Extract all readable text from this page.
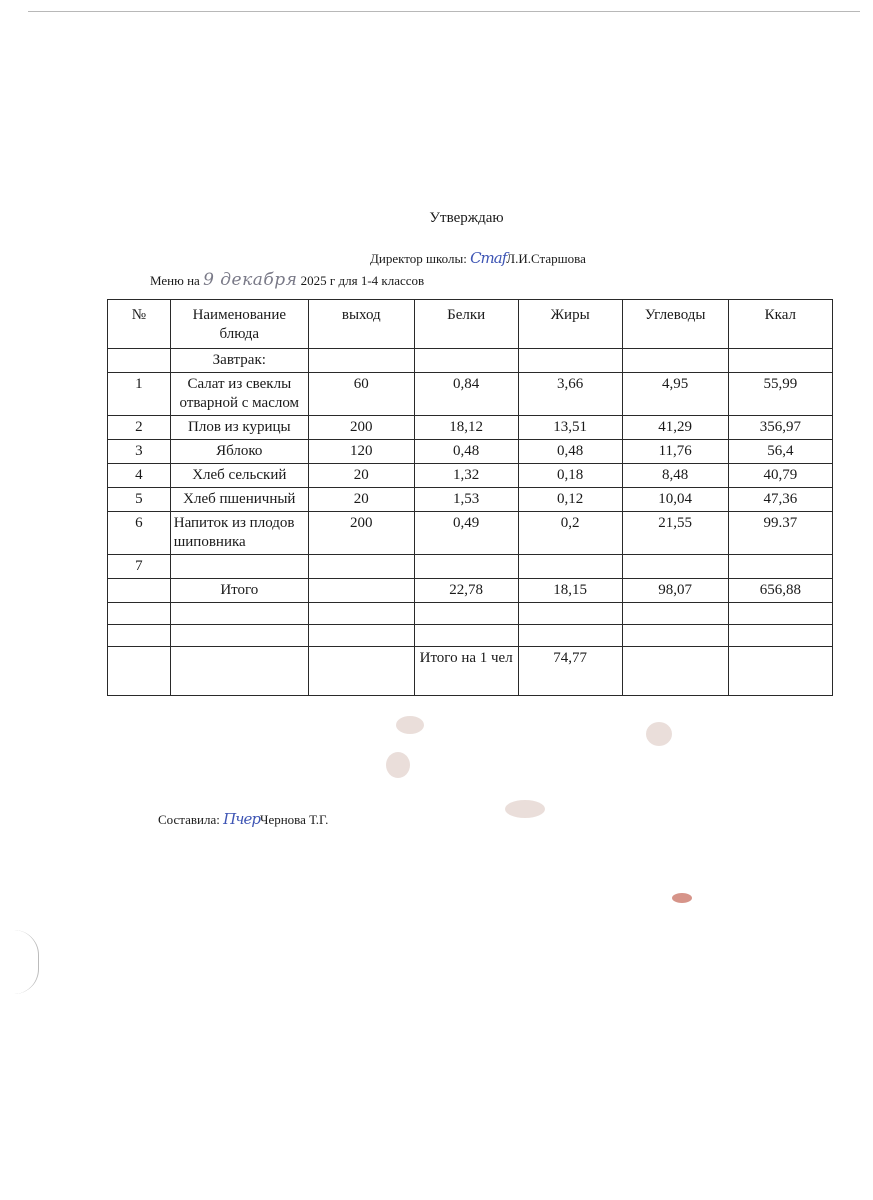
Утверждаю
Директор школы: CmafЛ.И.Старшова
Меню на 9 декабря 2025 г для 1-4 классов
№	Наименование блюда	выход	Белки	Жиры	Углеводы	Ккал
	Завтрак:					
1	Салат из свеклы отварной с маслом	60	0,84	3,66	4,95	55,99
2	Плов из курицы	200	18,12	13,51	41,29	356,97
3	Яблоко	120	0,48	0,48	11,76	56,4
4	Хлеб сельский	20	1,32	0,18	8,48	40,79
5	Хлеб пшеничный	20	1,53	0,12	10,04	47,36
6	Напиток из плодов шиповника	200	0,49	0,2	21,55	99.37
7						
	Итого		22,78	18,15	98,07	656,88

			Итого на 1 чел	74,77		
Составила: ПчерЧернова Т.Г.
